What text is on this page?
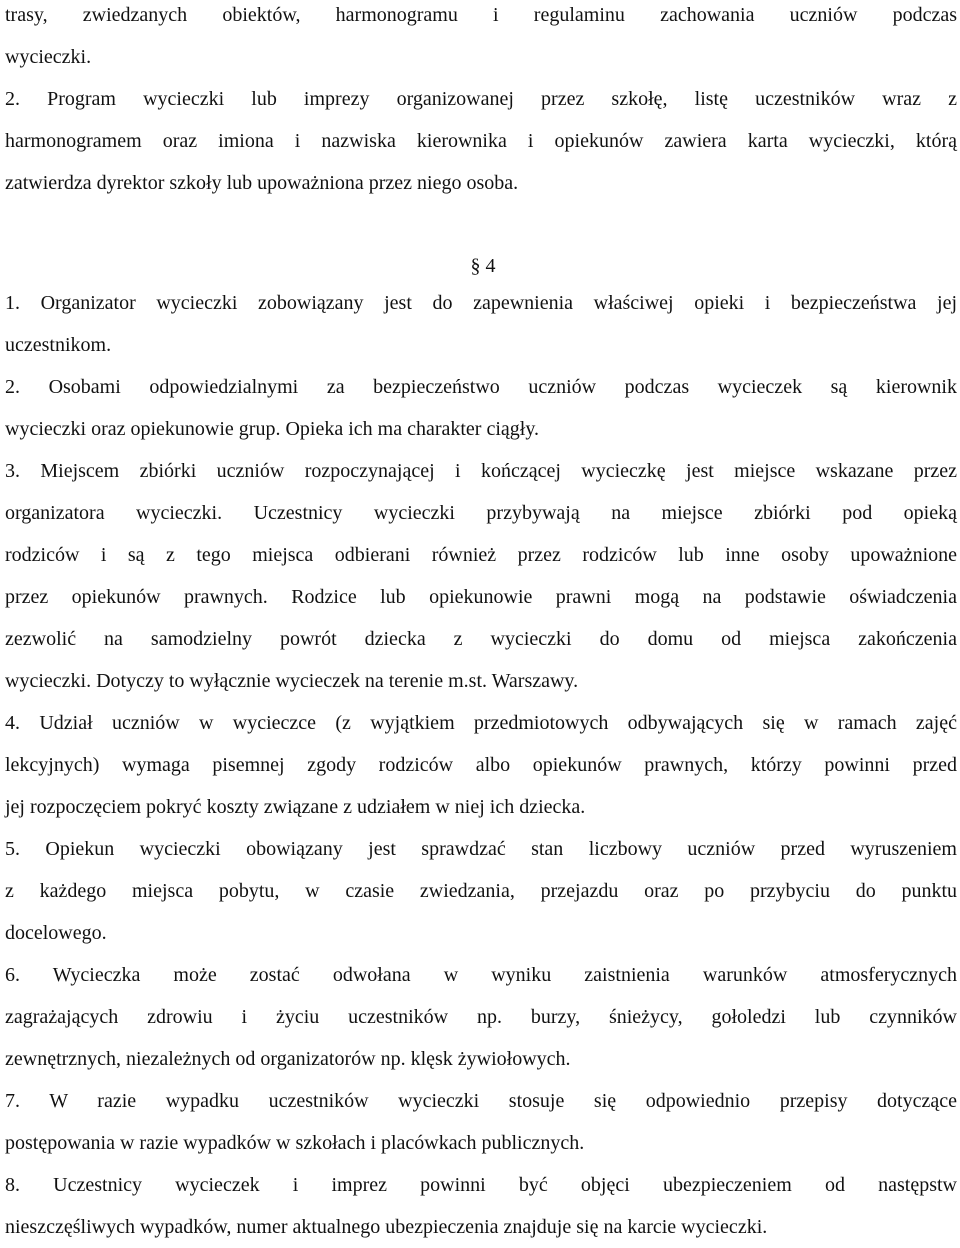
trasy, zwiedzanych obiektów, harmonogramu i regulaminu zachowania uczniów podczas

wycieczki.

2. Program wycieczki lub imprezy organizowanej przez szkołę, listę uczestników wraz z

harmonogramem oraz imiona i nazwiska kierownika i opiekunów zawiera karta wycieczki, którą

zatwierdza dyrektor szkoły lub upoważniona przez niego osoba.

§ 4

1. Organizator wycieczki zobowiązany jest do zapewnienia właściwej opieki i bezpieczeństwa jej

uczestnikom.

2. Osobami odpowiedzialnymi za bezpieczeństwo uczniów podczas wycieczek są kierownik

wycieczki oraz opiekunowie grup. Opieka ich ma charakter ciągły.

3. Miejscem zbiórki uczniów rozpoczynającej i kończącej wycieczkę jest miejsce wskazane przez

organizatora wycieczki. Uczestnicy wycieczki przybywają na miejsce zbiórki pod opieką

rodziców i są z tego miejsca odbierani również przez rodziców lub inne osoby upoważnione

przez opiekunów prawnych. Rodzice lub opiekunowie prawni mogą na podstawie oświadczenia

zezwolić na samodzielny powrót dziecka z wycieczki do domu od miejsca zakończenia

wycieczki. Dotyczy to wyłącznie wycieczek na terenie m.st. Warszawy.

4. Udział uczniów w wycieczce (z wyjątkiem przedmiotowych odbywających się w ramach zajęć

lekcyjnych) wymaga pisemnej zgody rodziców albo opiekunów prawnych, którzy powinni przed

jej rozpoczęciem pokryć koszty związane z udziałem w niej ich dziecka.

5. Opiekun wycieczki obowiązany jest sprawdzać stan liczbowy uczniów przed wyruszeniem

z każdego miejsca pobytu, w czasie zwiedzania, przejazdu oraz po przybyciu do punktu

docelowego.

6. Wycieczka może zostać odwołana w wyniku zaistnienia warunków atmosferycznych

zagrażających zdrowiu i życiu uczestników np. burzy, śnieżycy, gołoledzi lub czynników

zewnętrznych, niezależnych od organizatorów np. klęsk żywiołowych.

7. W razie wypadku uczestników wycieczki stosuje się odpowiednio przepisy dotyczące

postępowania w razie wypadków w szkołach i placówkach publicznych.

8. Uczestnicy wycieczek i imprez powinni być objęci ubezpieczeniem od następstw

nieszczęśliwych wypadków, numer aktualnego ubezpieczenia znajduje się na karcie wycieczki.
